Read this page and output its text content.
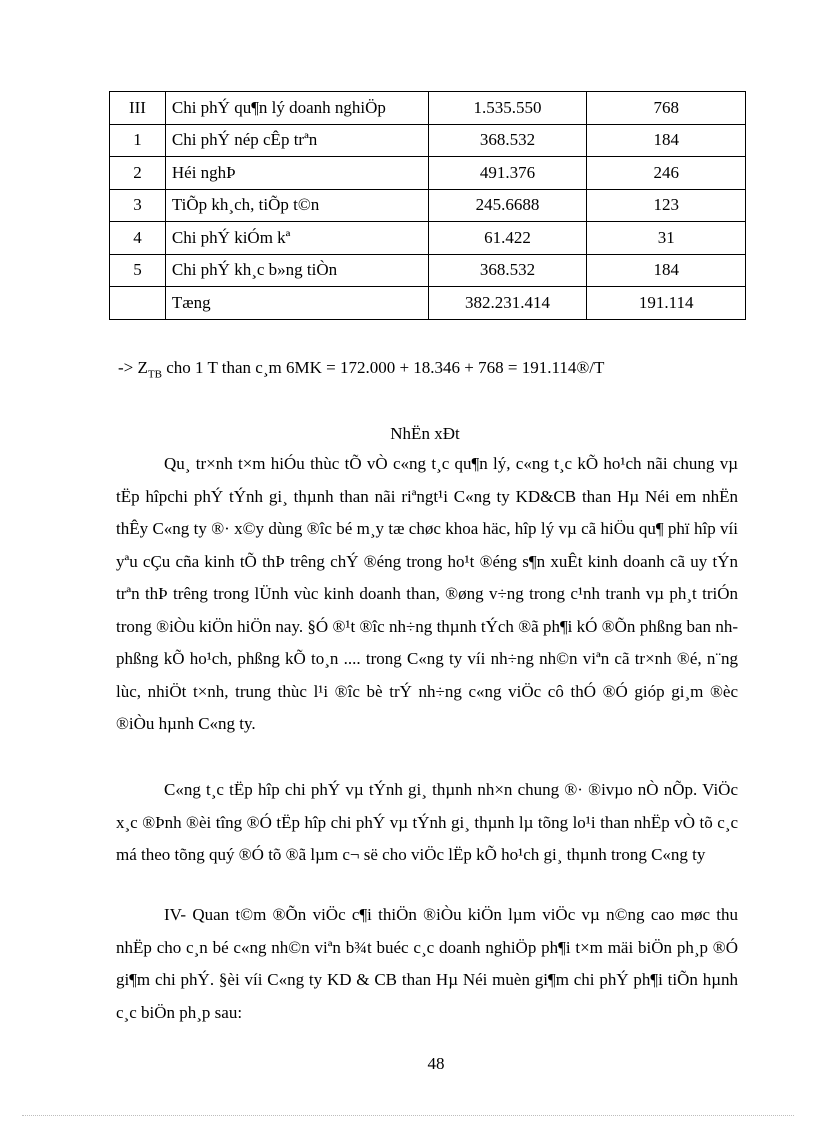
III	Chi phÝ qu¶n lý doanh nghiÖp	1.535.550	768
1	Chi phÝ nép cÊp trªn	368.532	184
2	Héi nghÞ	491.376	246
3	TiÕp kh¸ch, tiÕp t©n	245.6688	123
4	Chi phÝ kiÓm kª	61.422	31
5	Chi phÝ kh¸c b»ng tiÒn	368.532	184
	Tæng	382.231.414	191.114
-> $Z_{TB}$ cho 1 T than c¸m 6MK = 172.000 + 18.346 + 768 = 191.114®/T
NhËn xÐt

Qu¸ tr×nh t×m hiÓu thùc tÕ vÒ c«ng t¸c qu¶n lý, c«ng t¸c kÕ ho¹ch nãi chung vµ tËp hîpchi phÝ tÝnh gi¸ thµnh than nãi riªngt¹i C«ng ty KD&CB than Hµ Néi em nhËn thÊy C«ng ty ®· x©y dùng ®îc bé m¸y tæ chøc khoa häc, hîp lý vµ cã hiÖu qu¶ phï hîp víi yªu cÇu cña kinh tÕ thÞ trêng chÝ ®éng trong ho¹t ®éng s¶n xuÊt kinh doanh cã uy tÝn trªn thÞ trêng trong lÜnh vùc kinh doanh than, ®øng v÷ng trong c¹nh tranh vµ ph¸t triÓn trong ®iÒu kiÖn hiÖn nay. §Ó ®¹t ®îc nh÷ng thµnh tÝch ®ã ph¶i kÓ ®Õn phßng ban nh phßng kÕ ho¹ch, phßng kÕ to¸n .... trong C«ng ty víi nh÷ng nh©n viªn cã tr×nh ®é, n¨ng lùc, nhiÖt t×nh, trung thùc l¹i ®îc bè trÝ nh÷ng c«ng viÖc cô thÓ ®Ó gióp gi¸m ®èc ®iÒu hµnh C«ng ty.

C«ng t¸c tËp hîp chi phÝ vµ tÝnh gi¸ thµnh nh×n chung ®· ®ivµo nÒ nÕp. ViÖc x¸c ®Þnh ®èi tîng ®Ó tËp hîp chi phÝ vµ tÝnh gi¸ thµnh lµ tõng lo¹i than nhËp vÒ tõ c¸c má theo tõng quý ®Ó tõ ®ã lµm c¬ së cho viÖc lËp kÕ ho¹ch gi¸ thµnh trong C«ng ty

IV- Quan t©m ®Õn viÖc c¶i thiÖn ®iÒu kiÖn lµm viÖc vµ n©ng cao møc thu nhËp cho c¸n bé c«ng nh©n viªn b¾t buéc c¸c doanh nghiÖp ph¶i t×m mäi biÖn ph¸p ®Ó gi¶m chi phÝ. §èi víi C«ng ty KD & CB than Hµ Néi muèn gi¶m chi phÝ ph¶i tiÕn hµnh c¸c biÖn ph¸p sau:

48
